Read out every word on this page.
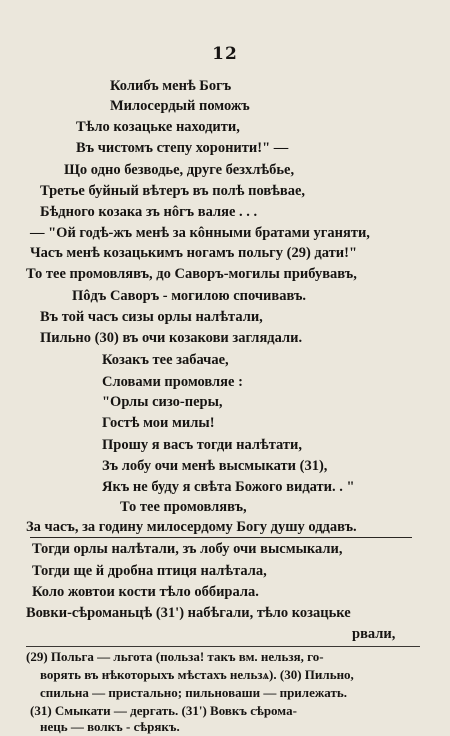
12
Колибъ менѣ Богъ
Милосердый поможъ
Тѣло козацьке находити,
Въ чистомъ степу хоронити!" —
Що одно безводье, друге безхлѣбье,
Третье буйный вѣтеръ въ полѣ повѣвае,
Бѣдного козака зъ нôгъ валяе . . .
— "Ой годѣ-жъ менѣ за кôнными братами уганяти,
Часъ менѣ козацькимъ ногамъ польгу (29) дати!"
То тее промовлявъ, до Саворъ-могилы прибувавъ,
Пôдъ Саворъ - могилою спочивавъ.
Въ той часъ сизы орлы налѣтали,
Пильно (30) въ очи козакови заглядали.
Козакъ тее забачае,
Словами промовляе :
"Орлы сизо-перы,
Гостѣ мои милы!
Прошу я васъ тогди налѣтати,
Зъ лобу очи менѣ высмыкати (31),
Якъ не буду я свѣта Божого видати. . "
То тее промовлявъ,
За часъ, за годину милосердому Богу душу оддавъ.
Тогди орлы налѣтали, зъ лобу очи высмыкали,
Тогди ще й дробна птиця налѣтала,
Коло жовтои кости тѣло оббирала.
Вовки-сѣроманьцѣ (31') набѣгали, тѣло козацьке
рвали,
(29) Польга — льгота (польза! такъ вм. нельзя, го-
ворять въ нѣкоторыхъ мѣстахъ нельзѧ). (30) Пильно,
спильна — пристально; пильноваши — прилежать.
(31) Смыкати — дергать. (31') Вовкъ сѣрома-
нець — волкъ - сѣрякъ.
